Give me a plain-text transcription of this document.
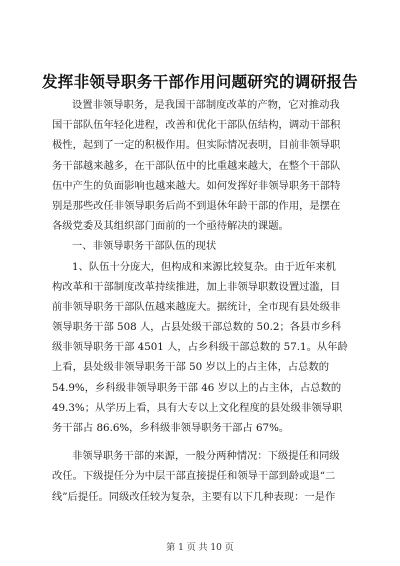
发挥非领导职务干部作用问题研究的调研报告
设置非领导职务，是我国干部制度改革的产物，它对推动我
国干部队伍年轻化进程，改善和优化干部队伍结构，调动干部积
极性，起到了一定的积极作用。但实际情况表明，目前非领导职
务干部越来越多，在干部队伍中的比重越来越大，在整个干部队
伍中产生的负面影响也越来越大。如何发挥好非领导职务干部特
别是那些改任非领导职务后尚不到退休年龄干部的作用，是摆在
各级党委及其组织部门面前的一个亟待解决的课题。
一、非领导职务干部队伍的现状
1、队伍十分庞大，但构成和来源比较复杂。由于近年来机
构改革和干部制度改革持续推进，加上非领导职数设置过滥，目
前非领导职务干部队伍越来越庞大。据统计，全市现有县处级非
领导职务干部 508 人，占县处级干部总数的 50.2；各县市乡科
级非领导职务干部 4501 人，占乡科级干部总数的 57.1。从年龄
上看，县处级非领导职务干部 50 岁以上的占主体，占总数的
54.9%，乡科级非领导职务干部 46 岁以上的占主体，占总数的
49.3%；从学历上看，具有大专以上文化程度的县处级非领导职
务干部占 86.6%，乡科级非领导职务干部占 67%。
非领导职务干部的来源，一般分两种情况：下级提任和同级
改任。下级提任分为中层干部直接提任和领导干部到龄或退“二
线”后提任。同级改任较为复杂，主要有以下几种表现：一是作
第 1 页 共 10 页
